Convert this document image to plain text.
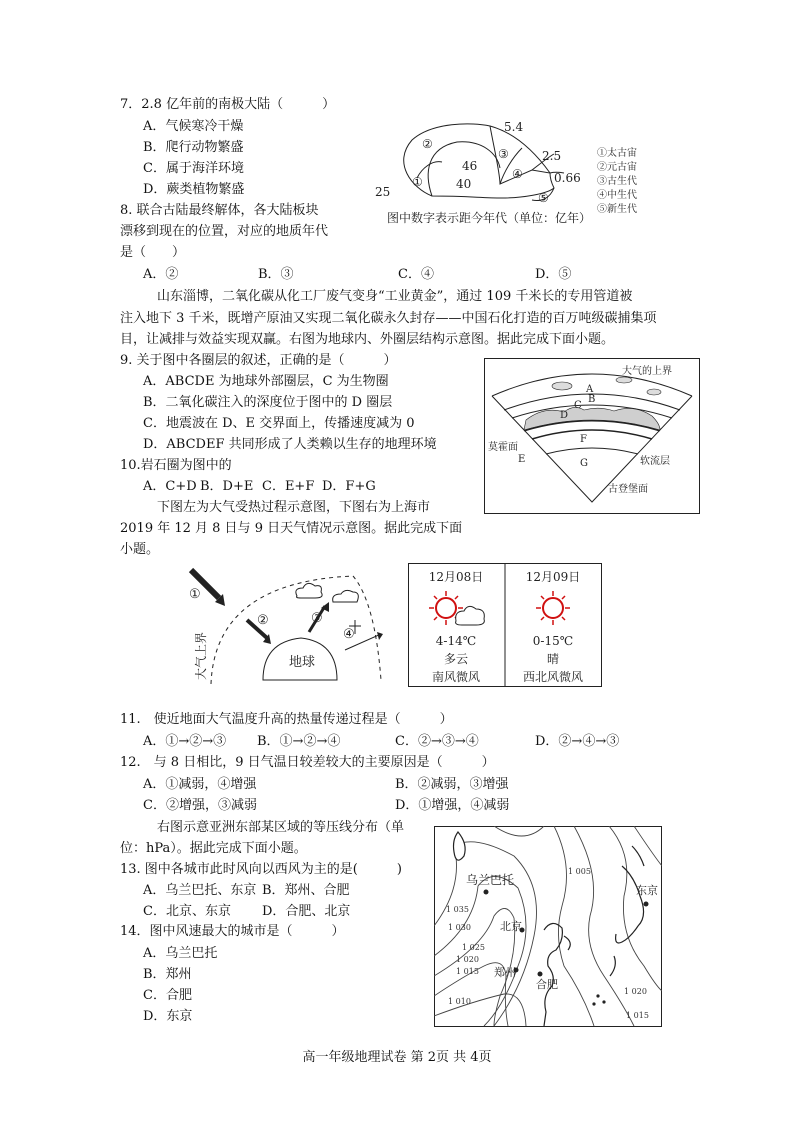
7．2.8 亿年前的南极大陆（　　　）
A．气候寒冷干燥
B．爬行动物繁盛
C．属于海洋环境
D．蕨类植物繁盛
8. 联合古陆最终解体，各大陆板块
漂移到现在的位置，对应的地质年代
是（　　）
A．②	B．③	C．④	D．⑤
5.4
2.5
0.66
46
40
25
①
②
③
④
⑤
①太古宙
②元古宙
③古生代
④中生代
⑤新生代
图中数字表示距今年代（单位：亿年）
山东淄博，二氧化碳从化工厂废气变身“工业黄金”，通过 109 千米长的专用管道被
注入地下 3 千米，既增产原油又实现二氧化碳永久封存——中国石化打造的百万吨级碳捕集项
目，让减排与效益实现双赢。右图为地球内、外圈层结构示意图。据此完成下面小题。
9. 关于图中各圈层的叙述，正确的是（　　　）
A．ABCDE 为地球外部圈层，C 为生物圈
B．二氧化碳注入的深度位于图中的 D 圈层
C．地震波在 D、E 交界面上，传播速度减为 0
D．ABCDEF 共同形成了人类赖以生存的地理环境
10.岩石圈为图中的
A．C+D B．D+E C．E+F D．F+G
大气的上界
A
B
C
D
E
F
G
莫霍面
软流层
古登堡面
下图左为大气受热过程示意图，下图右为上海市
2019 年 12 月 8 日与 9 日天气情况示意图。据此完成下面
小题。
①
②	③
④
地球
大气上界
12月08日	12月09日
4-14℃	0-15℃
多云	晴
南风微风	西北风微风
11.　使近地面大气温度升高的热量传递过程是（　　　）
A．①→②→③ B．①→②→④	C．②→③→④	D．②→④→③
12.　与 8 日相比，9 日气温日较差较大的主要原因是（　　　）
A．①减弱，④增强	B．②减弱，③增强
C．②增强，③减弱	D．①增强，④减弱
右图示意亚洲东部某区域的等压线分布（单
位：hPa）。据此完成下面小题。
13. 图中各城市此时风向以西风为主的是(　　　)
A．乌兰巴托、东京 B．郑州、合肥
C．北京、东京 D．合肥、北京
14．图中风速最大的城市是（　　　）
A．乌兰巴托
B．郑州
C．合肥
D．东京
乌兰巴托
北京
郑州
合肥
东京
1 005
1 035
1 030
1 025
1 020
1 015
1 010
1 020
1 015
高一年级地理试卷 第 2页 共 4页
